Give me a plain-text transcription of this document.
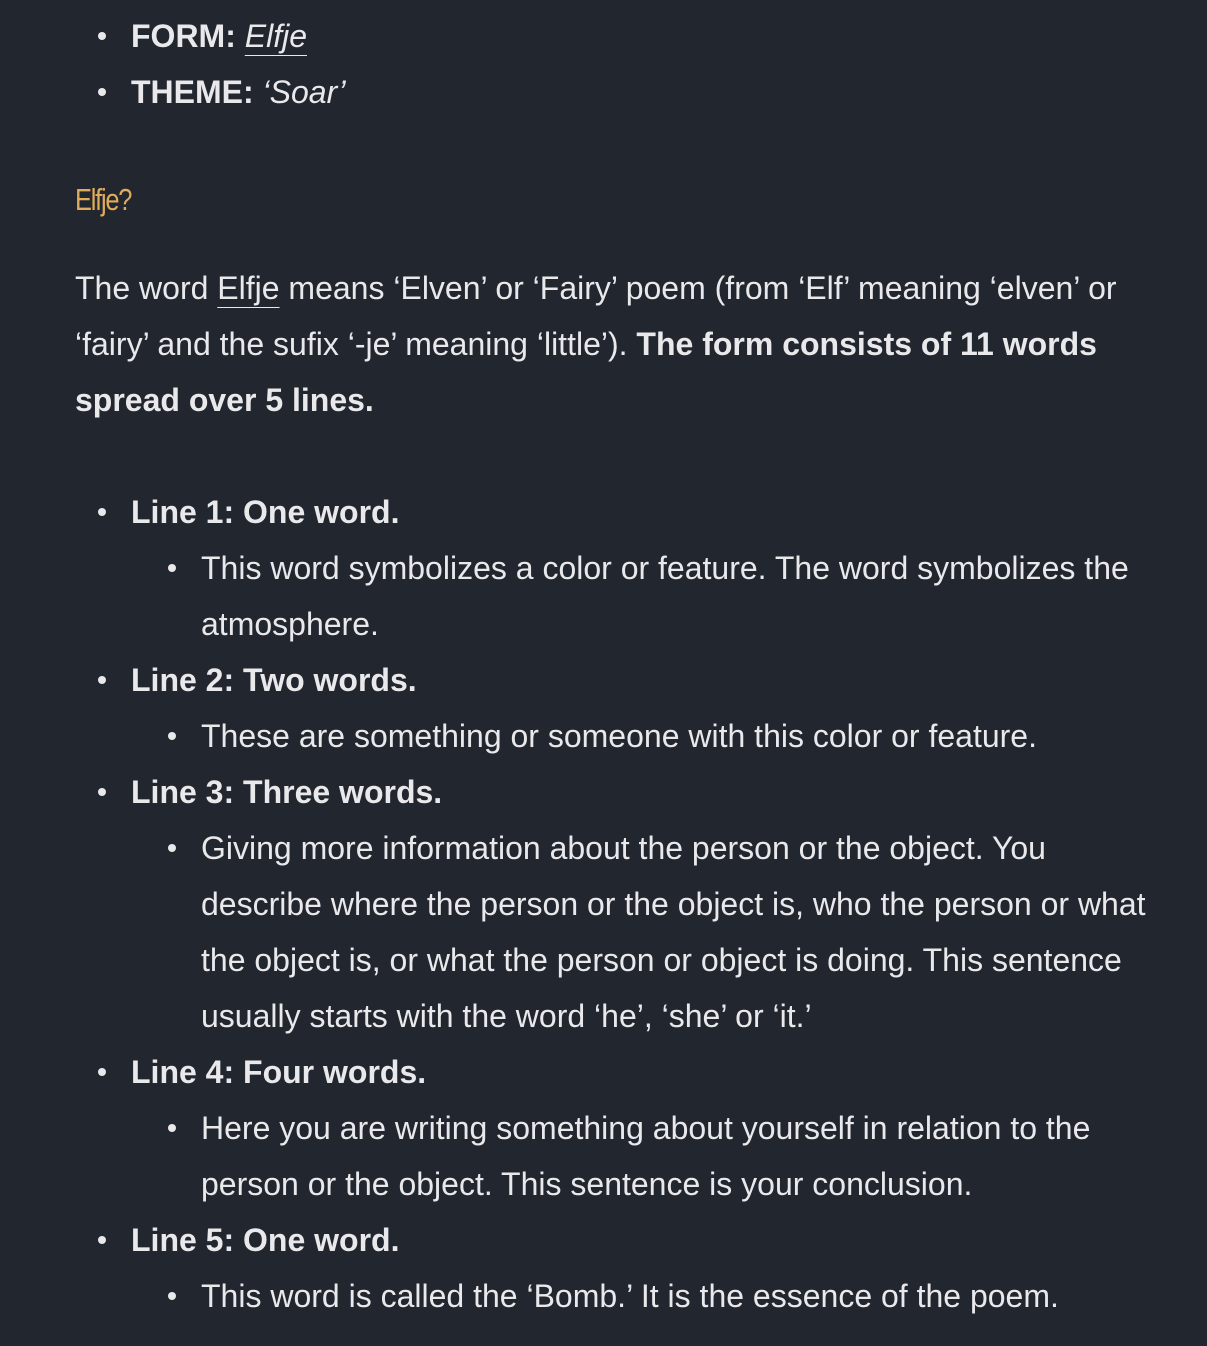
FORM: Elfje
THEME: ‘Soar’
Elfje?

The word Elfje means ‘Elven’ or ‘Fairy’ poem (from ‘Elf’ meaning ‘elven’ or ‘fairy’ and the sufix ‘-je’ meaning ‘little’). The form consists of 11 words spread over 5 lines.

Line 1: One word.
This word symbolizes a color or feature. The word symbolizes the atmosphere.
Line 2: Two words.
These are something or someone with this color or feature.
Line 3: Three words.
Giving more information about the person or the object. You describe where the person or the object is, who the person or what the object is, or what the person or object is doing. This sentence usually starts with the word ‘he’, ‘she’ or ‘it.’
Line 4: Four words.
Here you are writing something about yourself in relation to the person or the object. This sentence is your conclusion.
Line 5: One word.
This word is called the ‘Bomb.’ It is the essence of the poem.
